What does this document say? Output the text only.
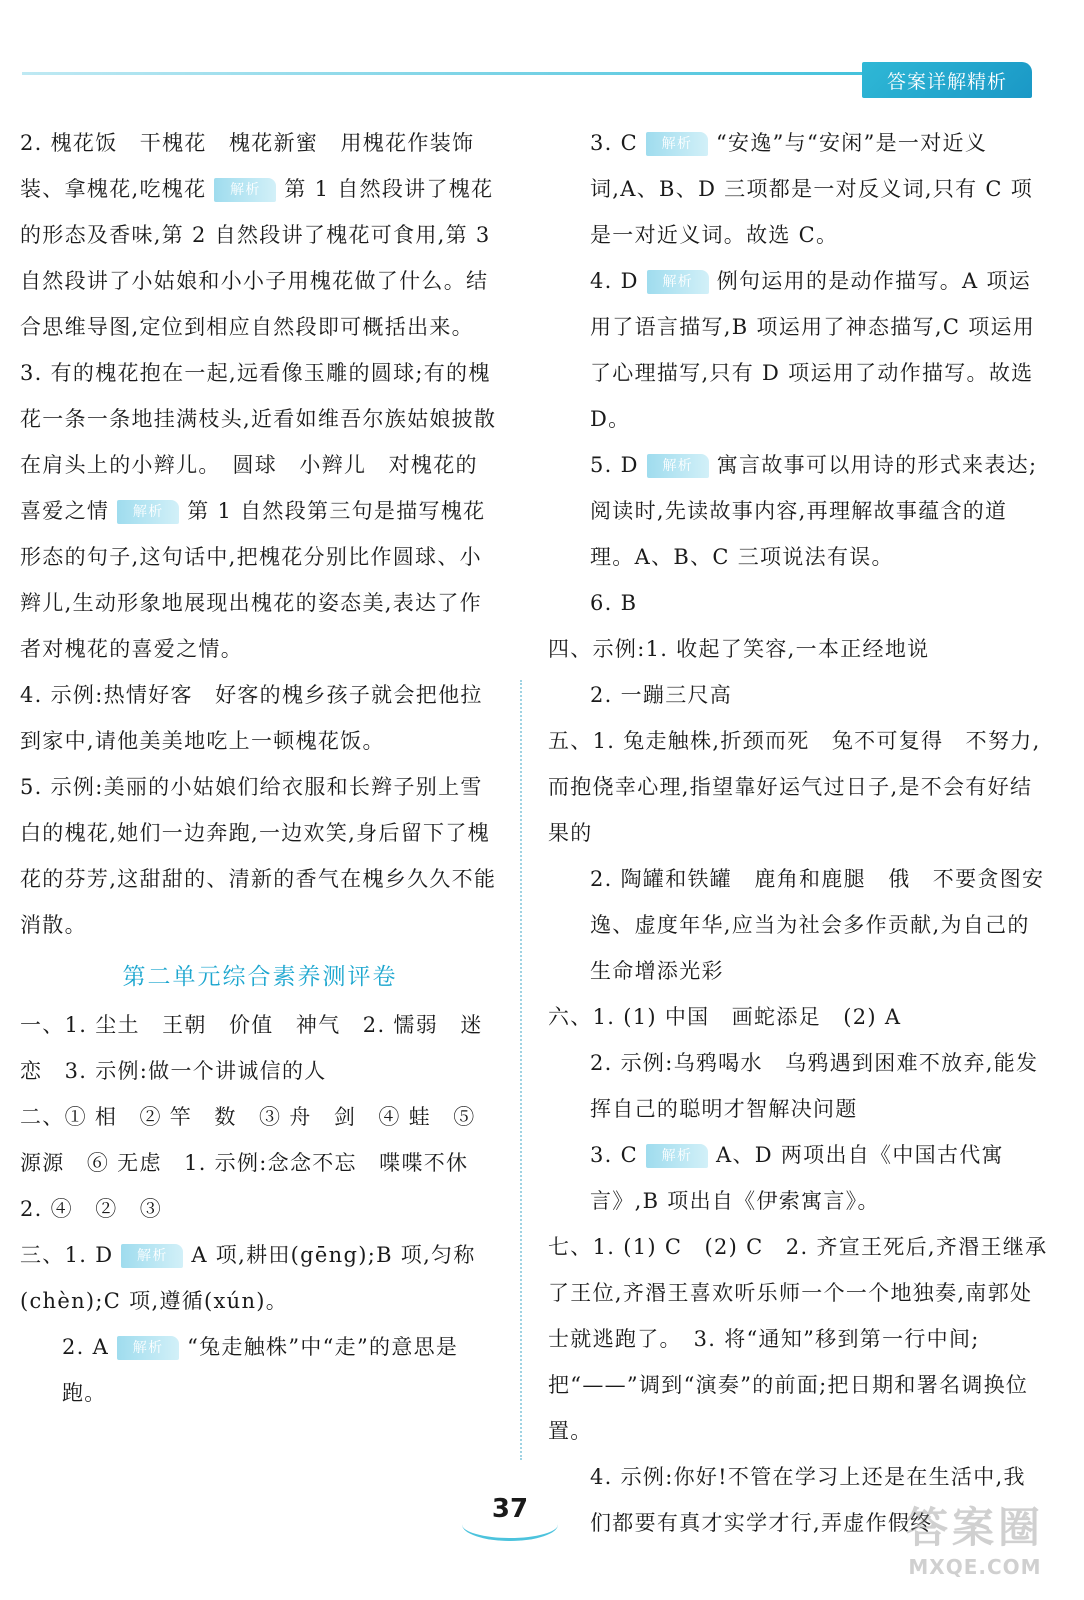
答案详解精析

2. 槐花饭　干槐花　槐花新蜜　用槐花作装饰　装、拿槐花,吃槐花 解析 第 1 自然段讲了槐花的形态及香味,第 2 自然段讲了槐花可食用,第 3 自然段讲了小姑娘和小小子用槐花做了什么。结合思维导图,定位到相应自然段即可概括出来。

3. 有的槐花抱在一起,远看像玉雕的圆球;有的槐花一条一条地挂满枝头,近看如维吾尔族姑娘披散在肩头上的小辫儿。　圆球　小辫儿　对槐花的喜爱之情 解析 第 1 自然段第三句是描写槐花形态的句子,这句话中,把槐花分别比作圆球、小辫儿,生动形象地展现出槐花的姿态美,表达了作者对槐花的喜爱之情。

4. 示例:热情好客　好客的槐乡孩子就会把他拉到家中,请他美美地吃上一顿槐花饭。

5. 示例:美丽的小姑娘们给衣服和长辫子别上雪白的槐花,她们一边奔跑,一边欢笑,身后留下了槐花的芬芳,这甜甜的、清新的香气在槐乡久久不能消散。

第二单元综合素养测评卷

一、1. 尘土　王朝　价值　神气　2. 懦弱　迷恋　3. 示例:做一个讲诚信的人

二、① 相　② 竿　数　③ 舟　剑　④ 蛙　⑤ 源源　⑥ 无虑　1. 示例:念念不忘　喋喋不休　2. ④　②　③

三、1. D 解析 A 项,耕田(gēng);B 项,匀称(chèn);C 项,遵循(xún)。

2. A 解析 “兔走触株”中“走”的意思是跑。

3. C 解析 “安逸”与“安闲”是一对近义词,A、B、D 三项都是一对反义词,只有 C 项是一对近义词。故选 C。

4. D 解析 例句运用的是动作描写。A 项运用了语言描写,B 项运用了神态描写,C 项运用了心理描写,只有 D 项运用了动作描写。故选 D。

5. D 解析 寓言故事可以用诗的形式来表达;阅读时,先读故事内容,再理解故事蕴含的道理。A、B、C 三项说法有误。

6. B

四、示例:1. 收起了笑容,一本正经地说

2. 一蹦三尺高

五、1. 兔走触株,折颈而死　兔不可复得　不努力,而抱侥幸心理,指望靠好运气过日子,是不会有好结果的

2. 陶罐和铁罐　鹿角和鹿腿　俄　不要贪图安逸、虚度年华,应当为社会多作贡献,为自己的生命增添光彩

六、1. (1) 中国　画蛇添足　(2) A

2. 示例:乌鸦喝水　乌鸦遇到困难不放弃,能发挥自己的聪明才智解决问题

3. C 解析 A、D 两项出自《中国古代寓言》,B 项出自《伊索寓言》。

七、1. (1) C　(2) C　2. 齐宣王死后,齐湣王继承了王位,齐湣王喜欢听乐师一个一个地独奏,南郭处士就逃跑了。　3. 将“通知”移到第一行中间;把“——”调到“演奏”的前面;把日期和署名调换位置。

4. 示例:你好!不管在学习上还是在生活中,我们都要有真才实学才行,弄虚作假终

37	答案圈
MXQE.COM
